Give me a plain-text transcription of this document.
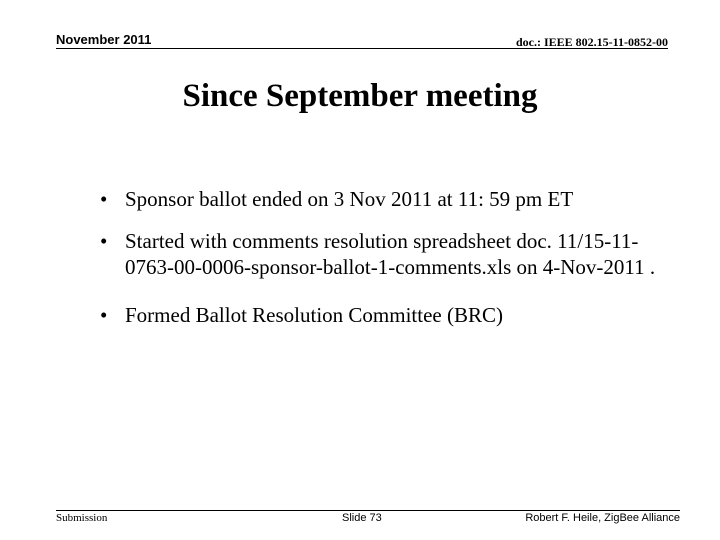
November 2011	doc.: IEEE 802.15-11-0852-00
Since September meeting
• Sponsor ballot ended on 3 Nov 2011 at 11: 59 pm ET
• Started with comments resolution spreadsheet doc. 11/15-11-0763-00-0006-sponsor-ballot-1-comments.xls on 4-Nov-2011 .
• Formed Ballot Resolution Committee (BRC)
Submission	Slide 73	Robert F. Heile, ZigBee Alliance
